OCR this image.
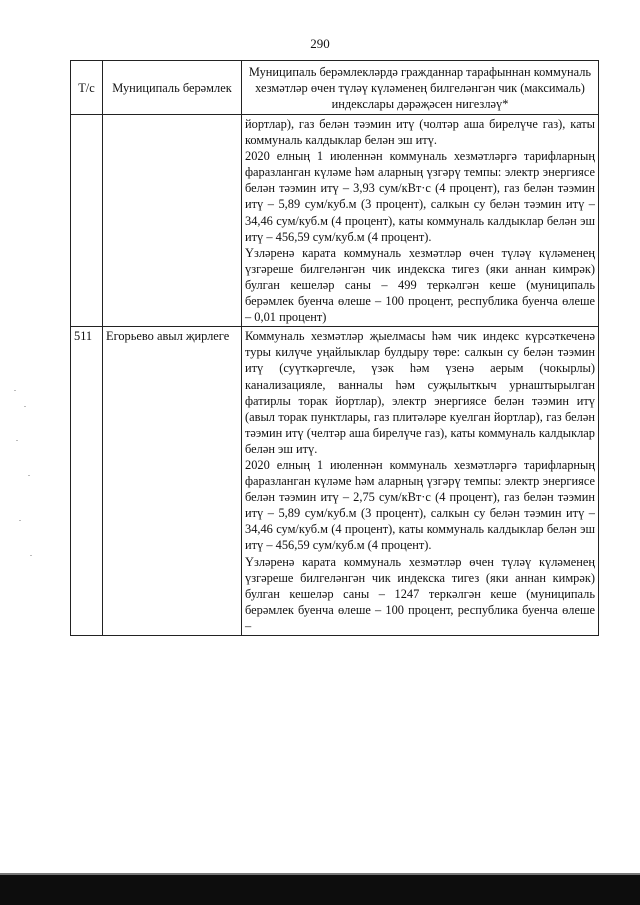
290
Т/с	Муниципаль берәмлек	Муниципаль берәмлекләрдә гражданнар тарафыннан коммуналь хезмәтләр өчен түләү күләменең билгеләнгән чик (максималь) индекслары дәрәҗәсен нигезләү*

		йортлар), газ белән тәэмин итү (чолтәр аша бирелүче газ), каты коммуналь калдыклар белән эш итү.

2020 елның 1 июленнән коммуналь хезмәтләргә тарифларның фаразланган күләме һәм аларның үзгәрү темпы: электр энергиясе белән тәэмин итү – 3,93 сум/кВт·с (4 процент), газ белән тәэмин итү – 5,89 сум/куб.м (3 процент), салкын су белән тәэмин итү – 34,46 сум/куб.м (4 процент), каты коммуналь калдыклар белән эш итү – 456,59 сум/куб.м (4 процент).

Үзләренә карата коммуналь хезмәтләр өчен түләү күләменең үзгәреше билгеләнгән чик индекска тигез (яки аннан кимрәк) булган кешеләр саны – 499 теркәлгән кеше (муниципаль берәмлек буенча өлеше – 100 процент, республика буенча өлеше – 0,01 процент)

511	Егорьево авыл җирлеге	Коммуналь хезмәтләр җыелмасы һәм чик индекс күрсәткеченә туры килүче уңайлыклар булдыру төре: салкын су белән тәэмин итү (суүткәргечле, үзәк һәм үзенә аерым (чокырлы) канализацияле, ванналы һәм суҗылыткыч урнаштырылган фатирлы торак йортлар), электр энергиясе белән тәэмин итү (авыл торак пунктлары, газ плитәләре куелган йортлар), газ белән тәэмин итү (челтәр аша бирелүче газ), каты коммуналь калдыклар белән эш итү.

2020 елның 1 июленнән коммуналь хезмәтләргә тарифларның фаразланган күләме һәм аларның үзгәрү темпы: электр энергиясе белән тәэмин итү – 2,75 сум/кВт·с (4 процент), газ белән тәэмин итү – 5,89 сум/куб.м (3 процент), салкын су белән тәэмин итү – 34,46 сум/куб.м (4 процент), каты коммуналь калдыклар белән эш итү – 456,59 сум/куб.м (4 процент).

Үзләренә карата коммуналь хезмәтләр өчен түләү күләменең үзгәреше билгеләнгән чик индекска тигез (яки аннан кимрәк) булган кешеләр саны – 1247 теркәлгән кеше (муниципаль берәмлек буенча өлеше – 100 процент, республика буенча өлеше –
